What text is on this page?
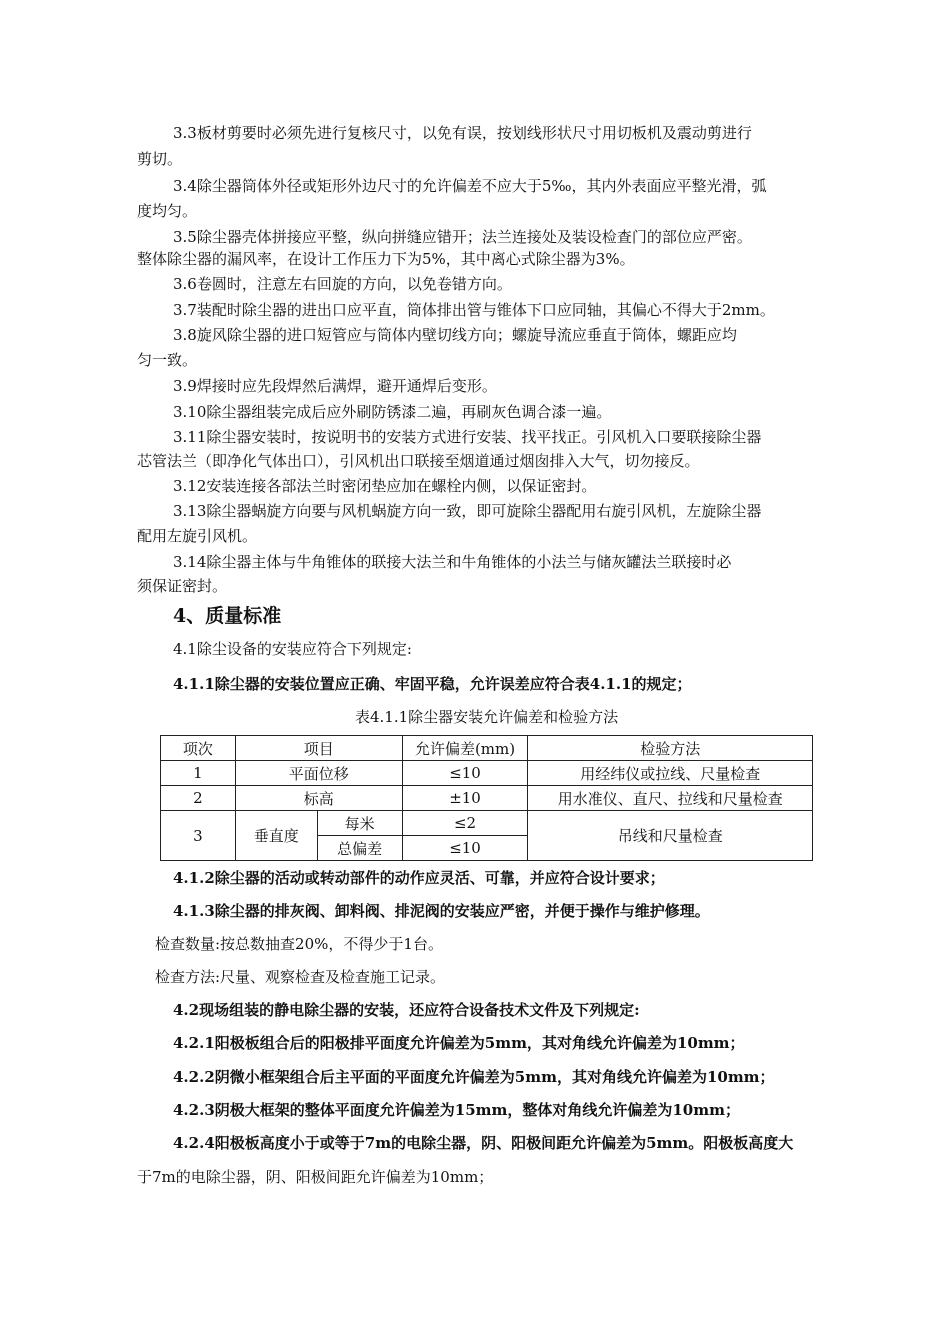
3.3板材剪要时必须先进行复核尺寸，以免有误，按划线形状尺寸用切板机及震动剪进行
剪切。
3.4除尘器筒体外径或矩形外边尺寸的允许偏差不应大于5‰，其内外表面应平整光滑，弧
度均匀。
3.5除尘器壳体拼接应平整，纵向拼缝应错开；法兰连接处及装设检查门的部位应严密。
整体除尘器的漏风率，在设计工作压力下为5%，其中离心式除尘器为3%。
3.6卷圆时，注意左右回旋的方向，以免卷错方向。
3.7装配时除尘器的进出口应平直，筒体排出管与锥体下口应同轴，其偏心不得大于2mm。
3.8旋风除尘器的进口短管应与筒体内壁切线方向；螺旋导流应垂直于筒体，螺距应均
匀一致。
3.9焊接时应先段焊然后满焊，避开通焊后变形。
3.10除尘器组装完成后应外刷防锈漆二遍，再刷灰色调合漆一遍。
3.11除尘器安装时，按说明书的安装方式进行安装、找平找正。引风机入口要联接除尘器
芯管法兰（即净化气体出口），引风机出口联接至烟道通过烟囱排入大气，切勿接反。
3.12安装连接各部法兰时密闭垫应加在螺栓内侧，以保证密封。
3.13除尘器蜗旋方向要与风机蜗旋方向一致，即可旋除尘器配用右旋引风机，左旋除尘器
配用左旋引风机。
3.14除尘器主体与牛角锥体的联接大法兰和牛角锥体的小法兰与储灰罐法兰联接时必
须保证密封。
4、质量标准
4.1除尘设备的安装应符合下列规定:
4.1.1除尘器的安装位置应正确、牢固平稳，允许误差应符合表4.1.1的规定；
表4.1.1除尘器安装允许偏差和检验方法
项次	项目		允许偏差(mm)	检验方法
1	平面位移		≤10	用经纬仪或拉线、尺量检查
2	标高		±10	用水准仪、直尺、拉线和尺量检查
3	垂直度	每米	≤2	吊线和尺量检查
		总偏差	≤10	
4.1.2除尘器的活动或转动部件的动作应灵活、可靠，并应符合设计要求；
4.1.3除尘器的排灰阀、卸料阀、排泥阀的安装应严密，并便于操作与维护修理。
检查数量:按总数抽查20%，不得少于1台。
检查方法:尺量、观察检查及检查施工记录。
4.2现场组装的静电除尘器的安装，还应符合设备技术文件及下列规定:
4.2.1阳极板组合后的阳极排平面度允许偏差为5mm，其对角线允许偏差为10mm；
4.2.2阴微小框架组合后主平面的平面度允许偏差为5mm，其对角线允许偏差为10mm；
4.2.3阴极大框架的整体平面度允许偏差为15mm，整体对角线允许偏差为10mm；
4.2.4阳极板高度小于或等于7m的电除尘器，阴、阳极间距允许偏差为5mm。阳极板高度大
于7m的电除尘器，阴、阳极间距允许偏差为10mm；
